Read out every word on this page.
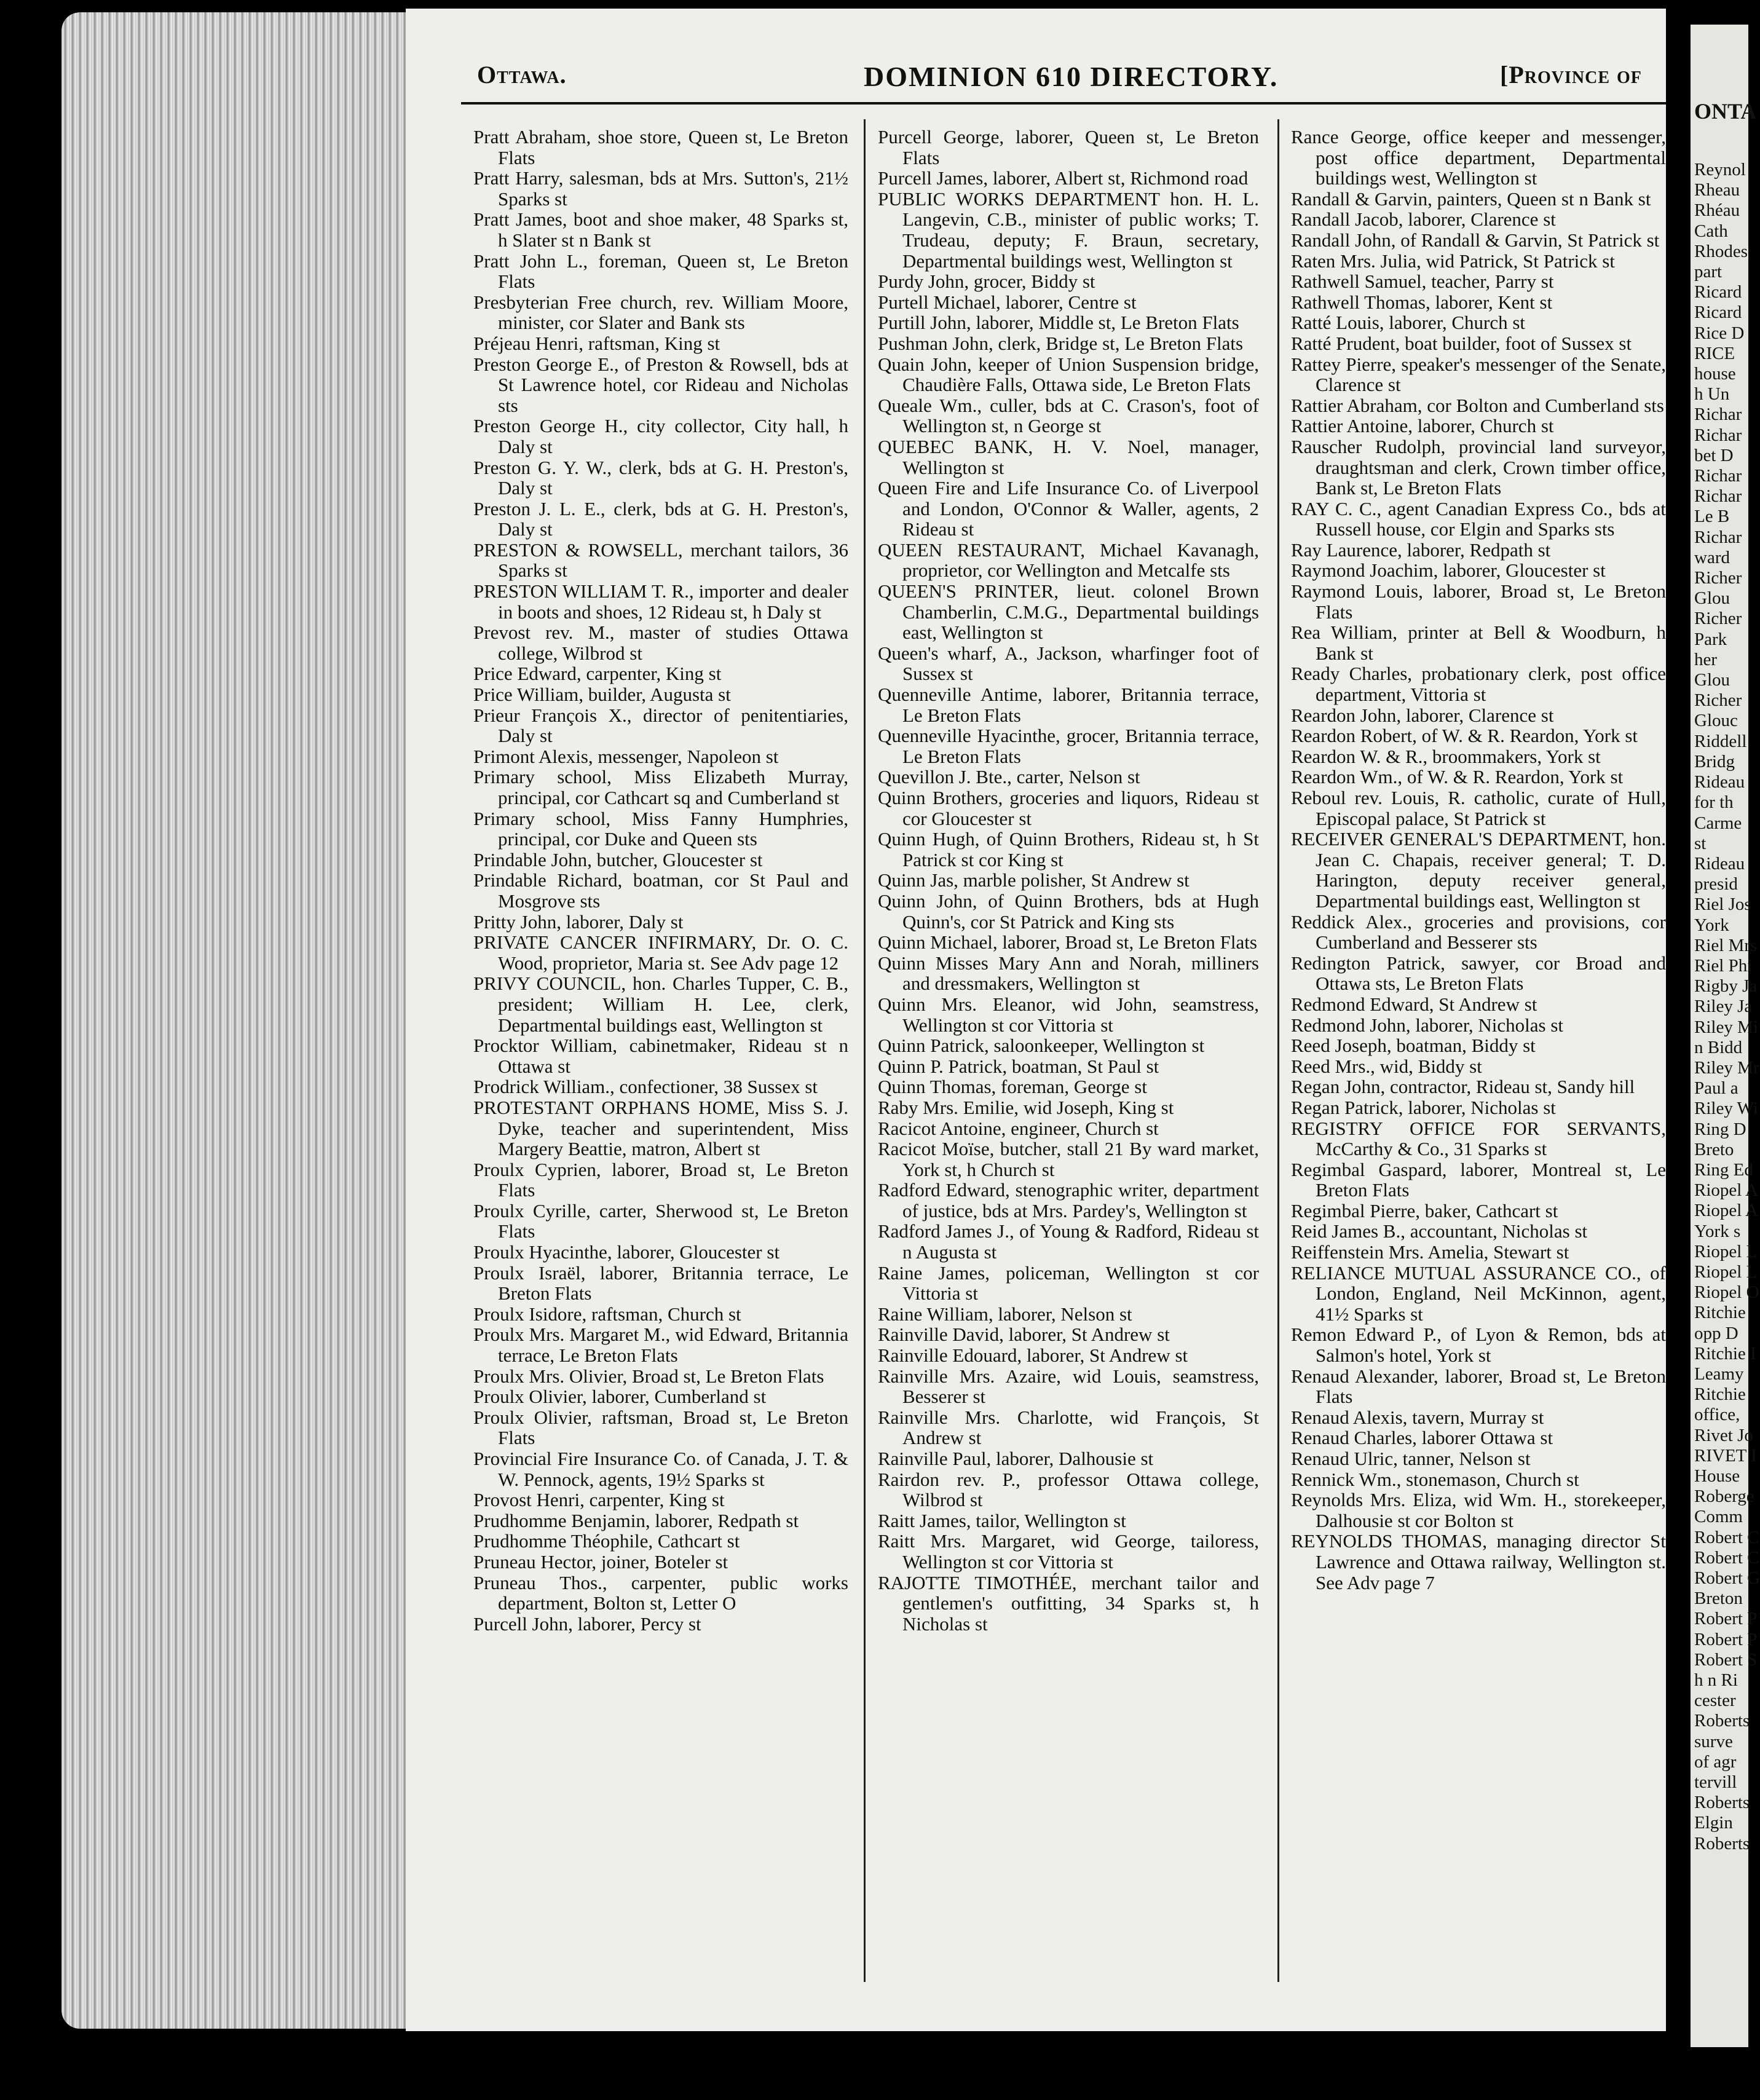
Ottawa.	DOMINION 610 DIRECTORY.	[Province of
Pratt Abraham, shoe store, Queen st, Le Breton Flats
Pratt Harry, salesman, bds at Mrs. Sutton's, 21½ Sparks st
Pratt James, boot and shoe maker, 48 Sparks st, h Slater st n Bank st
Pratt John L., foreman, Queen st, Le Breton Flats
Presbyterian Free church, rev. William Moore, minister, cor Slater and Bank sts
Préjeau Henri, raftsman, King st
Preston George E., of Preston & Rowsell, bds at St Lawrence hotel, cor Rideau and Nicholas sts
Preston George H., city collector, City hall, h Daly st
Preston G. Y. W., clerk, bds at G. H. Preston's, Daly st
Preston J. L. E., clerk, bds at G. H. Preston's, Daly st
PRESTON & ROWSELL, merchant tailors, 36 Sparks st
PRESTON WILLIAM T. R., importer and dealer in boots and shoes, 12 Rideau st, h Daly st
Prevost rev. M., master of studies Ottawa college, Wilbrod st
Price Edward, carpenter, King st
Price William, builder, Augusta st
Prieur François X., director of penitentiaries, Daly st
Primont Alexis, messenger, Napoleon st
Primary school, Miss Elizabeth Murray, principal, cor Cathcart sq and Cumberland st
Primary school, Miss Fanny Humphries, principal, cor Duke and Queen sts
Prindable John, butcher, Gloucester st
Prindable Richard, boatman, cor St Paul and Mosgrove sts
Pritty John, laborer, Daly st
PRIVATE CANCER INFIRMARY, Dr. O. C. Wood, proprietor, Maria st. See Adv page 12
PRIVY COUNCIL, hon. Charles Tupper, C. B., president; William H. Lee, clerk, Departmental buildings east, Wellington st
Procktor William, cabinetmaker, Rideau st n Ottawa st
Prodrick William., confectioner, 38 Sussex st
PROTESTANT ORPHANS HOME, Miss S. J. Dyke, teacher and superintendent, Miss Margery Beattie, matron, Albert st
Proulx Cyprien, laborer, Broad st, Le Breton Flats
Proulx Cyrille, carter, Sherwood st, Le Breton Flats
Proulx Hyacinthe, laborer, Gloucester st
Proulx Israël, laborer, Britannia terrace, Le Breton Flats
Proulx Isidore, raftsman, Church st
Proulx Mrs. Margaret M., wid Edward, Britannia terrace, Le Breton Flats
Proulx Mrs. Olivier, Broad st, Le Breton Flats
Proulx Olivier, laborer, Cumberland st
Proulx Olivier, raftsman, Broad st, Le Breton Flats
Provincial Fire Insurance Co. of Canada, J. T. & W. Pennock, agents, 19½ Sparks st
Provost Henri, carpenter, King st
Prudhomme Benjamin, laborer, Redpath st
Prudhomme Théophile, Cathcart st
Pruneau Hector, joiner, Boteler st
Pruneau Thos., carpenter, public works department, Bolton st, Letter O
Purcell John, laborer, Percy st
Purcell George, laborer, Queen st, Le Breton Flats
Purcell James, laborer, Albert st, Richmond road
PUBLIC WORKS DEPARTMENT hon. H. L. Langevin, C.B., minister of public works; T. Trudeau, deputy; F. Braun, secretary, Departmental buildings west, Wellington st
Purdy John, grocer, Biddy st
Purtell Michael, laborer, Centre st
Purtill John, laborer, Middle st, Le Breton Flats
Pushman John, clerk, Bridge st, Le Breton Flats
Quain John, keeper of Union Suspension bridge, Chaudière Falls, Ottawa side, Le Breton Flats
Queale Wm., culler, bds at C. Crason's, foot of Wellington st, n George st
QUEBEC BANK, H. V. Noel, manager, Wellington st
Queen Fire and Life Insurance Co. of Liverpool and London, O'Connor & Waller, agents, 2 Rideau st
QUEEN RESTAURANT, Michael Kavanagh, proprietor, cor Wellington and Metcalfe sts
QUEEN'S PRINTER, lieut. colonel Brown Chamberlin, C.M.G., Departmental buildings east, Wellington st
Queen's wharf, A., Jackson, wharfinger foot of Sussex st
Quenneville Antime, laborer, Britannia terrace, Le Breton Flats
Quenneville Hyacinthe, grocer, Britannia terrace, Le Breton Flats
Quevillon J. Bte., carter, Nelson st
Quinn Brothers, groceries and liquors, Rideau st cor Gloucester st
Quinn Hugh, of Quinn Brothers, Rideau st, h St Patrick st cor King st
Quinn Jas, marble polisher, St Andrew st
Quinn John, of Quinn Brothers, bds at Hugh Quinn's, cor St Patrick and King sts
Quinn Michael, laborer, Broad st, Le Breton Flats
Quinn Misses Mary Ann and Norah, milliners and dressmakers, Wellington st
Quinn Mrs. Eleanor, wid John, seamstress, Wellington st cor Vittoria st
Quinn Patrick, saloonkeeper, Wellington st
Quinn P. Patrick, boatman, St Paul st
Quinn Thomas, foreman, George st
Raby Mrs. Emilie, wid Joseph, King st
Racicot Antoine, engineer, Church st
Racicot Moïse, butcher, stall 21 By ward market, York st, h Church st
Radford Edward, stenographic writer, department of justice, bds at Mrs. Pardey's, Wellington st
Radford James J., of Young & Radford, Rideau st n Augusta st
Raine James, policeman, Wellington st cor Vittoria st
Raine William, laborer, Nelson st
Rainville David, laborer, St Andrew st
Rainville Edouard, laborer, St Andrew st
Rainville Mrs. Azaire, wid Louis, seamstress, Besserer st
Rainville Mrs. Charlotte, wid François, St Andrew st
Rainville Paul, laborer, Dalhousie st
Rairdon rev. P., professor Ottawa college, Wilbrod st
Raitt James, tailor, Wellington st
Raitt Mrs. Margaret, wid George, tailoress, Wellington st cor Vittoria st
RAJOTTE TIMOTHÉE, merchant tailor and gentlemen's outfitting, 34 Sparks st, h Nicholas st
Rance George, office keeper and messenger, post office department, Departmental buildings west, Wellington st
Randall & Garvin, painters, Queen st n Bank st
Randall Jacob, laborer, Clarence st
Randall John, of Randall & Garvin, St Patrick st
Raten Mrs. Julia, wid Patrick, St Patrick st
Rathwell Samuel, teacher, Parry st
Rathwell Thomas, laborer, Kent st
Ratté Louis, laborer, Church st
Ratté Prudent, boat builder, foot of Sussex st
Rattey Pierre, speaker's messenger of the Senate, Clarence st
Rattier Abraham, cor Bolton and Cumberland sts
Rattier Antoine, laborer, Church st
Rauscher Rudolph, provincial land surveyor, draughtsman and clerk, Crown timber office, Bank st, Le Breton Flats
RAY C. C., agent Canadian Express Co., bds at Russell house, cor Elgin and Sparks sts
Ray Laurence, laborer, Redpath st
Raymond Joachim, laborer, Gloucester st
Raymond Louis, laborer, Broad st, Le Breton Flats
Rea William, printer at Bell & Woodburn, h Bank st
Ready Charles, probationary clerk, post office department, Vittoria st
Reardon John, laborer, Clarence st
Reardon Robert, of W. & R. Reardon, York st
Reardon W. & R., broommakers, York st
Reardon Wm., of W. & R. Reardon, York st
Reboul rev. Louis, R. catholic, curate of Hull, Episcopal palace, St Patrick st
RECEIVER GENERAL'S DEPARTMENT, hon. Jean C. Chapais, receiver general; T. D. Harington, deputy receiver general, Departmental buildings east, Wellington st
Reddick Alex., groceries and provisions, cor Cumberland and Besserer sts
Redington Patrick, sawyer, cor Broad and Ottawa sts, Le Breton Flats
Redmond Edward, St Andrew st
Redmond John, laborer, Nicholas st
Reed Joseph, boatman, Biddy st
Reed Mrs., wid, Biddy st
Regan John, contractor, Rideau st, Sandy hill
Regan Patrick, laborer, Nicholas st
REGISTRY OFFICE FOR SERVANTS, McCarthy & Co., 31 Sparks st
Regimbal Gaspard, laborer, Montreal st, Le Breton Flats
Regimbal Pierre, baker, Cathcart st
Reid James B., accountant, Nicholas st
Reiffenstein Mrs. Amelia, Stewart st
RELIANCE MUTUAL ASSURANCE CO., of London, England, Neil McKinnon, agent, 41½ Sparks st
Remon Edward P., of Lyon & Remon, bds at Salmon's hotel, York st
Renaud Alexander, laborer, Broad st, Le Breton Flats
Renaud Alexis, tavern, Murray st
Renaud Charles, laborer Ottawa st
Renaud Ulric, tanner, Nelson st
Rennick Wm., stonemason, Church st
Reynolds Mrs. Eliza, wid Wm. H., storekeeper, Dalhousie st cor Bolton st
REYNOLDS THOMAS, managing director St Lawrence and Ottawa railway, Wellington st. See Adv page 7
ONTA
Reynol
Rheau
Rhéau
Cath
Rhodes
part
Ricard
Ricard
Rice D
RICE
house
h Un
Richar
Richar
bet D
Richar
Richar
Le B
Richar
ward
Richer
Glou
Richer
Park
her
Glou
Richer
Glouc
Riddell
Bridg
Rideau
for th
Carme
st
Rideau
presid
Riel Jos
York
Riel Mrs
Riel Phi
Rigby Ja
Riley Ja
Riley Mi
n Bidd
Riley Mr
Paul a
Riley Wi
Ring D
Breto
Ring Ed
Riopel A
Riopel A
York s
Riopel L
Riopel L
Riopel O
Ritchie
opp D
Ritchie I
Leamy
Ritchie
office,
Rivet Jo
RIVET I
House
Roberge
Comm
Robert C
Robert C
Robert G
Breton
Robert P
Robert P
Robert S
h n Ri
cester
Roberts
surve
of agr
tervill
Roberts
Elgin
Roberts
